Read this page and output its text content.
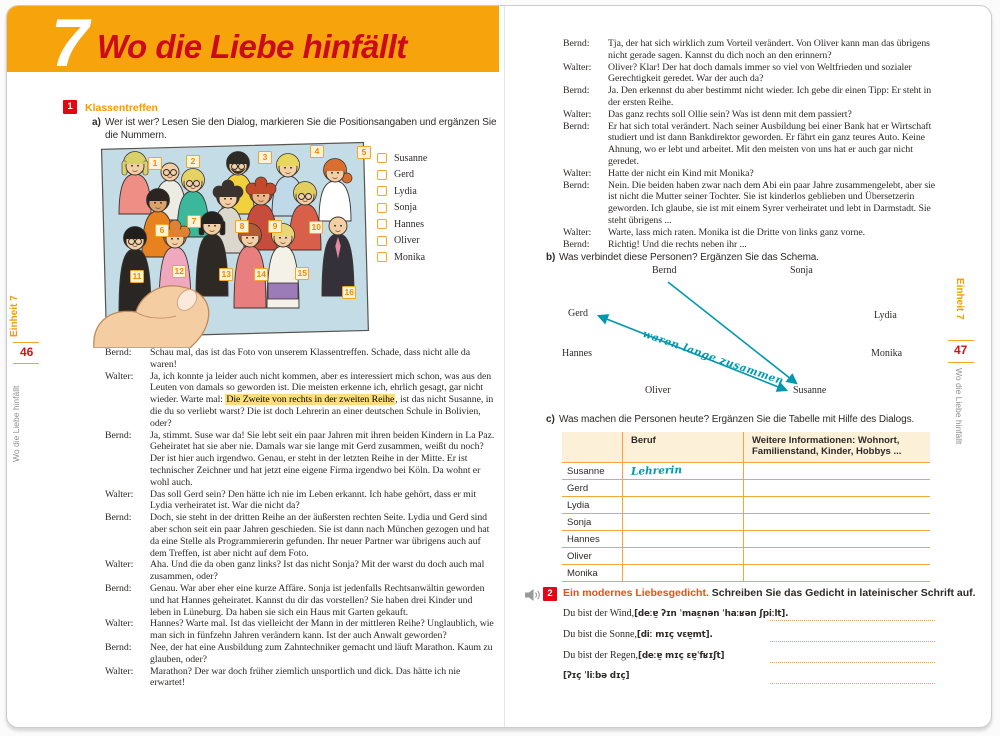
7 Wo die Liebe hinfällt
1	Klassentreffen
a) Wer ist wer? Lesen Sie den Dialog, markieren Sie die Positionsangaben und ergänzen Sie die Nummern.
1	2	3
4	5
6
7	8	9	10
11	12	13	14	15
16
Susanne
Gerd
Lydia
Sonja
Hannes
Oliver
Monika
Bernd:	Schau mal, das ist das Foto von unserem Klassentreffen. Schade, dass nicht alle da waren!
Walter:	Ja, ich konnte ja leider auch nicht kommen, aber es interessiert mich schon, was aus den Leuten von damals so geworden ist. Die meisten erkenne ich, ehrlich gesagt, gar nicht wieder. Warte mal: Die Zweite von rechts in der zweiten Reihe, ist das nicht Susanne, in die du so verliebt warst? Die ist doch Lehrerin an einer deutschen Schule in Bolivien, oder?
Bernd:	Ja, stimmt. Suse war da! Sie lebt seit ein paar Jahren mit ihren beiden Kindern in La Paz. Geheiratet hat sie aber nie. Damals war sie lange mit Gerd zusammen, weißt du noch? Der ist hier auch irgendwo. Genau, er steht in der letzten Reihe in der Mitte. Er ist technischer Zeichner und hat jetzt eine eigene Firma irgendwo bei Köln. Da wohnt er wohl auch.
Walter:	Das soll Gerd sein? Den hätte ich nie im Leben erkannt. Ich habe gehört, dass er mit Lydia verheiratet ist. War die nicht da?
Bernd:	Doch, sie steht in der dritten Reihe an der äußersten rechten Seite. Lydia und Gerd sind aber schon seit ein paar Jahren geschieden. Sie ist dann nach München gezogen und hat da eine Stelle als Programmiererin gefunden. Ihr neuer Partner war übrigens auch auf dem Treffen, ist aber nicht auf dem Foto.
Walter:	Aha. Und die da oben ganz links? Ist das nicht Sonja? Mit der warst du doch auch mal zusammen, oder?
Bernd:	Genau. War aber eher eine kurze Affäre. Sonja ist jedenfalls Rechtsanwältin geworden und hat Hannes geheiratet. Kannst du dir das vorstellen? Sie haben drei Kinder und leben in Lüneburg. Da haben sie sich ein Haus mit Garten gekauft.
Walter:	Hannes? Warte mal. Ist das vielleicht der Mann in der mittleren Reihe? Unglaublich, wie man sich in fünfzehn Jahren verändern kann. Ist der auch Anwalt geworden?
Bernd:	Nee, der hat eine Ausbildung zum Zahntechniker gemacht und läuft Marathon. Kaum zu glauben, oder?
Walter:	Marathon? Der war doch früher ziemlich unsportlich und dick. Das hätte ich nie erwartet!
Einheit 7
46
Wo die Liebe hinfällt
Bernd:	Tja, der hat sich wirklich zum Vorteil verändert. Von Oliver kann man das übrigens nicht gerade sagen. Kannst du dich noch an den erinnern?
Walter:	Oliver? Klar! Der hat doch damals immer so viel von Weltfrieden und sozialer Gerechtigkeit geredet. War der auch da?
Bernd:	Ja. Den erkennst du aber bestimmt nicht wieder. Ich gebe dir einen Tipp: Er steht in der ersten Reihe.
Walter:	Das ganz rechts soll Ollie sein? Was ist denn mit dem passiert?
Bernd:	Er hat sich total verändert. Nach seiner Ausbildung bei einer Bank hat er Wirtschaft studiert und ist dann Bankdirektor geworden. Er fährt ein ganz teures Auto. Keine Ahnung, wo er lebt und arbeitet. Mit den meisten von uns hat er auch gar nicht geredet.
Walter:	Hatte der nicht ein Kind mit Monika?
Bernd:	Nein. Die beiden haben zwar nach dem Abi ein paar Jahre zusammengelebt, aber sie ist nicht die Mutter seiner Tochter. Sie ist kinderlos geblieben und Übersetzerin geworden. Ich glaube, sie ist mit einem Syrer verheiratet und lebt in Darmstadt. Sie steht übrigens ...
Walter:	Warte, lass mich raten. Monika ist die Dritte von links ganz vorne.
Bernd:	Richtig! Und die rechts neben ihr ...
b) Was verbindet diese Personen? Ergänzen Sie das Schema.
waren lange zusammen
c) Was machen die Personen heute? Ergänzen Sie die Tabelle mit Hilfe des Dialogs.
Beruf	Weitere Informationen: Wohnort, Familienstand, Kinder, Hobbys ...
Susanne	Lehrerin
Gerd
Lydia
Sonja
Hannes
Oliver
Monika
2 Ein modernes Liebesgedicht. Schreiben Sie das Gedicht in lateinischer Schrift auf.
Du bist der Wind, [deːɐ̯ ʔɪn ˈmaɛ̯nən ˈhaːʁən ʃpiːlt].
Du bist die Sonne, [diː mɪç vɛɐ̯mt].
Du bist der Regen, [deːɐ̯ mɪç ɛɐ̯ˈfʁɪʃt]
[ʔɪç ˈliːbə dɪç]
Einheit 7
47
Wo die Liebe hinfällt
Bernd	Sonja
Gerd	Lydia
Hannes	Monika
Oliver	Susanne
